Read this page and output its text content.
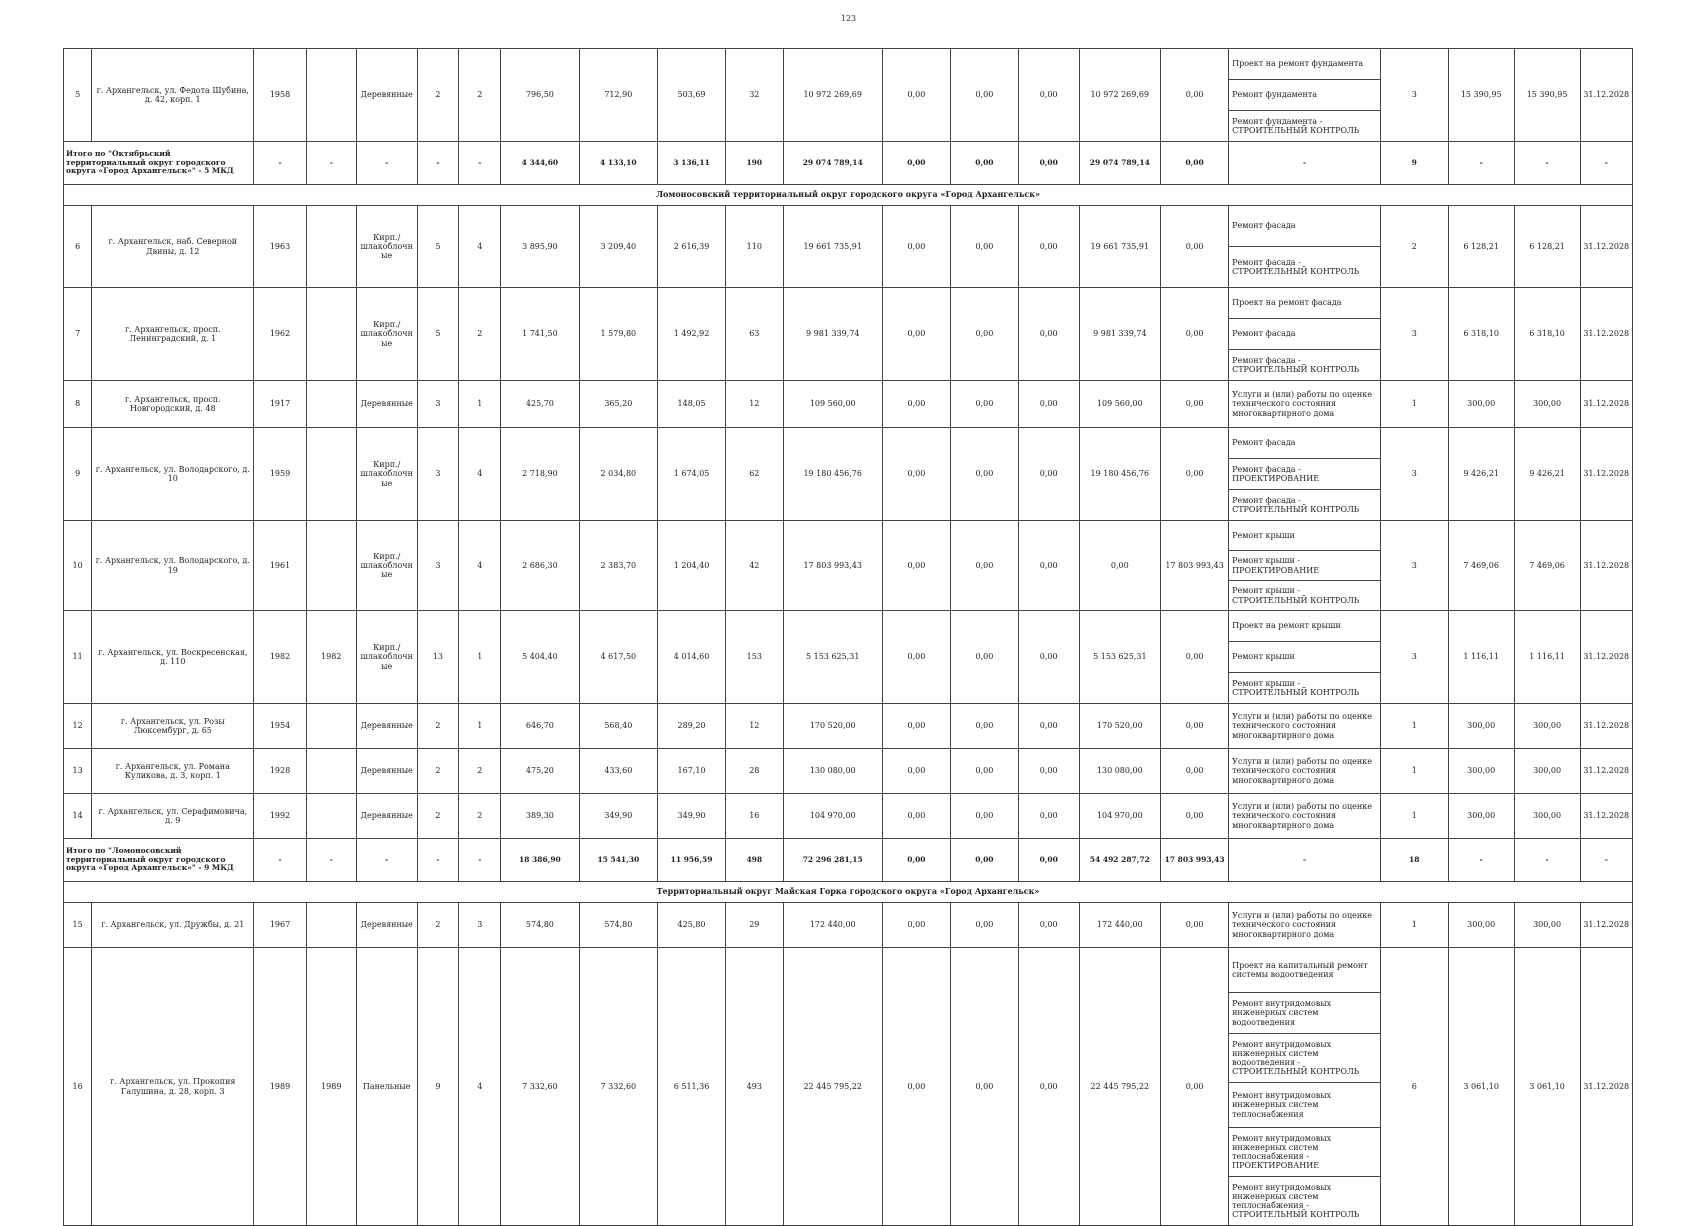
123
5	г. Архангельск, ул. Федота Шубина, д. 42, корп. 1	1958		Деревянные	2	2	796,50	712,90	503,69	32	10 972 269,69	0,00	0,00	0,00	10 972 269,69	0,00	Проект на ремонт фундамента	3	15 390,95	15 390,95	31.12.2028
																	Ремонт фундамента				
																	Ремонт фундамента - СТРОИТЕЛЬНЫЙ КОНТРОЛЬ				
Итого по "Октябрьский территориальный округ городского округа «Город Архангельск»" - 5 МКД		-	-	-	-	-	4 344,60	4 133,10	3 136,11	190	29 074 789,14	0,00	0,00	0,00	29 074 789,14	0,00	-	9	-	-	-
Ломоносовский территориальный округ городского округа «Город Архангельск»																					
6	г. Архангельск, наб. Северной Двины, д. 12	1963		Кирп./ шлакоблочные	5	4	3 895,90	3 209,40	2 616,39	110	19 661 735,91	0,00	0,00	0,00	19 661 735,91	0,00	Ремонт фасада	2	6 128,21	6 128,21	31.12.2028
																	Ремонт фасада - СТРОИТЕЛЬНЫЙ КОНТРОЛЬ				
7	г. Архангельск, просп. Ленинградский, д. 1	1962		Кирп./ шлакоблочные	5	2	1 741,50	1 579,80	1 492,92	63	9 981 339,74	0,00	0,00	0,00	9 981 339,74	0,00	Проект на ремонт фасада	3	6 318,10	6 318,10	31.12.2028
																	Ремонт фасада				
																	Ремонт фасада - СТРОИТЕЛЬНЫЙ КОНТРОЛЬ				
8	г. Архангельск, просп. Новгородский, д. 48	1917		Деревянные	3	1	425,70	365,20	148,05	12	109 560,00	0,00	0,00	0,00	109 560,00	0,00	Услуги и (или) работы по оценке технического состояния многоквартирного дома	1	300,00	300,00	31.12.2028
9	г. Архангельск, ул. Володарского, д. 10	1959		Кирп./ шлакоблочные	3	4	2 718,90	2 034,80	1 674,05	62	19 180 456,76	0,00	0,00	0,00	19 180 456,76	0,00	Ремонт фасада	3	9 426,21	9 426,21	31.12.2028
																	Ремонт фасада - ПРОЕКТИРОВАНИЕ				
																	Ремонт фасада - СТРОИТЕЛЬНЫЙ КОНТРОЛЬ				
10	г. Архангельск, ул. Володарского, д. 19	1961		Кирп./ шлакоблочные	3	4	2 686,30	2 383,70	1 204,40	42	17 803 993,43	0,00	0,00	0,00	0,00	17 803 993,43	Ремонт крыши	3	7 469,06	7 469,06	31.12.2028
																	Ремонт крыши - ПРОЕКТИРОВАНИЕ				
																	Ремонт крыши - СТРОИТЕЛЬНЫЙ КОНТРОЛЬ				
11	г. Архангельск, ул. Воскресенская, д. 110	1982	1982	Кирп./ шлакоблочные	13	1	5 404,40	4 617,50	4 014,60	153	5 153 625,31	0,00	0,00	0,00	5 153 625,31	0,00	Проект на ремонт крыши	3	1 116,11	1 116,11	31.12.2028
																	Ремонт крыши				
																	Ремонт крыши - СТРОИТЕЛЬНЫЙ КОНТРОЛЬ				
12	г. Архангельск, ул. Розы Люксембург, д. 65	1954		Деревянные	2	1	646,70	568,40	289,20	12	170 520,00	0,00	0,00	0,00	170 520,00	0,00	Услуги и (или) работы по оценке технического состояния многоквартирного дома	1	300,00	300,00	31.12.2028
13	г. Архангельск, ул. Романа Куликова, д. 3, корп. 1	1928		Деревянные	2	2	475,20	433,60	167,10	28	130 080,00	0,00	0,00	0,00	130 080,00	0,00	Услуги и (или) работы по оценке технического состояния многоквартирного дома	1	300,00	300,00	31.12.2028
14	г. Архангельск, ул. Серафимовича, д. 9	1992		Деревянные	2	2	389,30	349,90	349,90	16	104 970,00	0,00	0,00	0,00	104 970,00	0,00	Услуги и (или) работы по оценке технического состояния многоквартирного дома	1	300,00	300,00	31.12.2028
Итого по "Ломоносовский территориальный округ городского округа «Город Архангельск»" - 9 МКД		-	-	-	-	-	18 386,90	15 541,30	11 956,59	498	72 296 281,15	0,00	0,00	0,00	54 492 287,72	17 803 993,43	-	18	-	-	-
Территориальный округ Майская Горка городского округа «Город Архангельск»																					
15	г. Архангельск, ул. Дружбы, д. 21	1967		Деревянные	2	3	574,80	574,80	425,80	29	172 440,00	0,00	0,00	0,00	172 440,00	0,00	Услуги и (или) работы по оценке технического состояния многоквартирного дома	1	300,00	300,00	31.12.2028
16	г. Архангельск, ул. Прокопия Галушина, д. 28, корп. 3	1989	1989	Панельные	9	4	7 332,60	7 332,60	6 511,36	493	22 445 795,22	0,00	0,00	0,00	22 445 795,22	0,00	Проект на капитальный ремонт системы водоотведения	6	3 061,10	3 061,10	31.12.2028
																	Ремонт внутридомовых инженерных систем водоотведения				
																	Ремонт внутридомовых инженерных систем водоотведения - СТРОИТЕЛЬНЫЙ КОНТРОЛЬ				
																	Ремонт внутридомовых инженерных систем теплоснабжения				
																	Ремонт внутридомовых инженерных систем теплоснабжения - ПРОЕКТИРОВАНИЕ				
																	Ремонт внутридомовых инженерных систем теплоснабжения - СТРОИТЕЛЬНЫЙ КОНТРОЛЬ				
